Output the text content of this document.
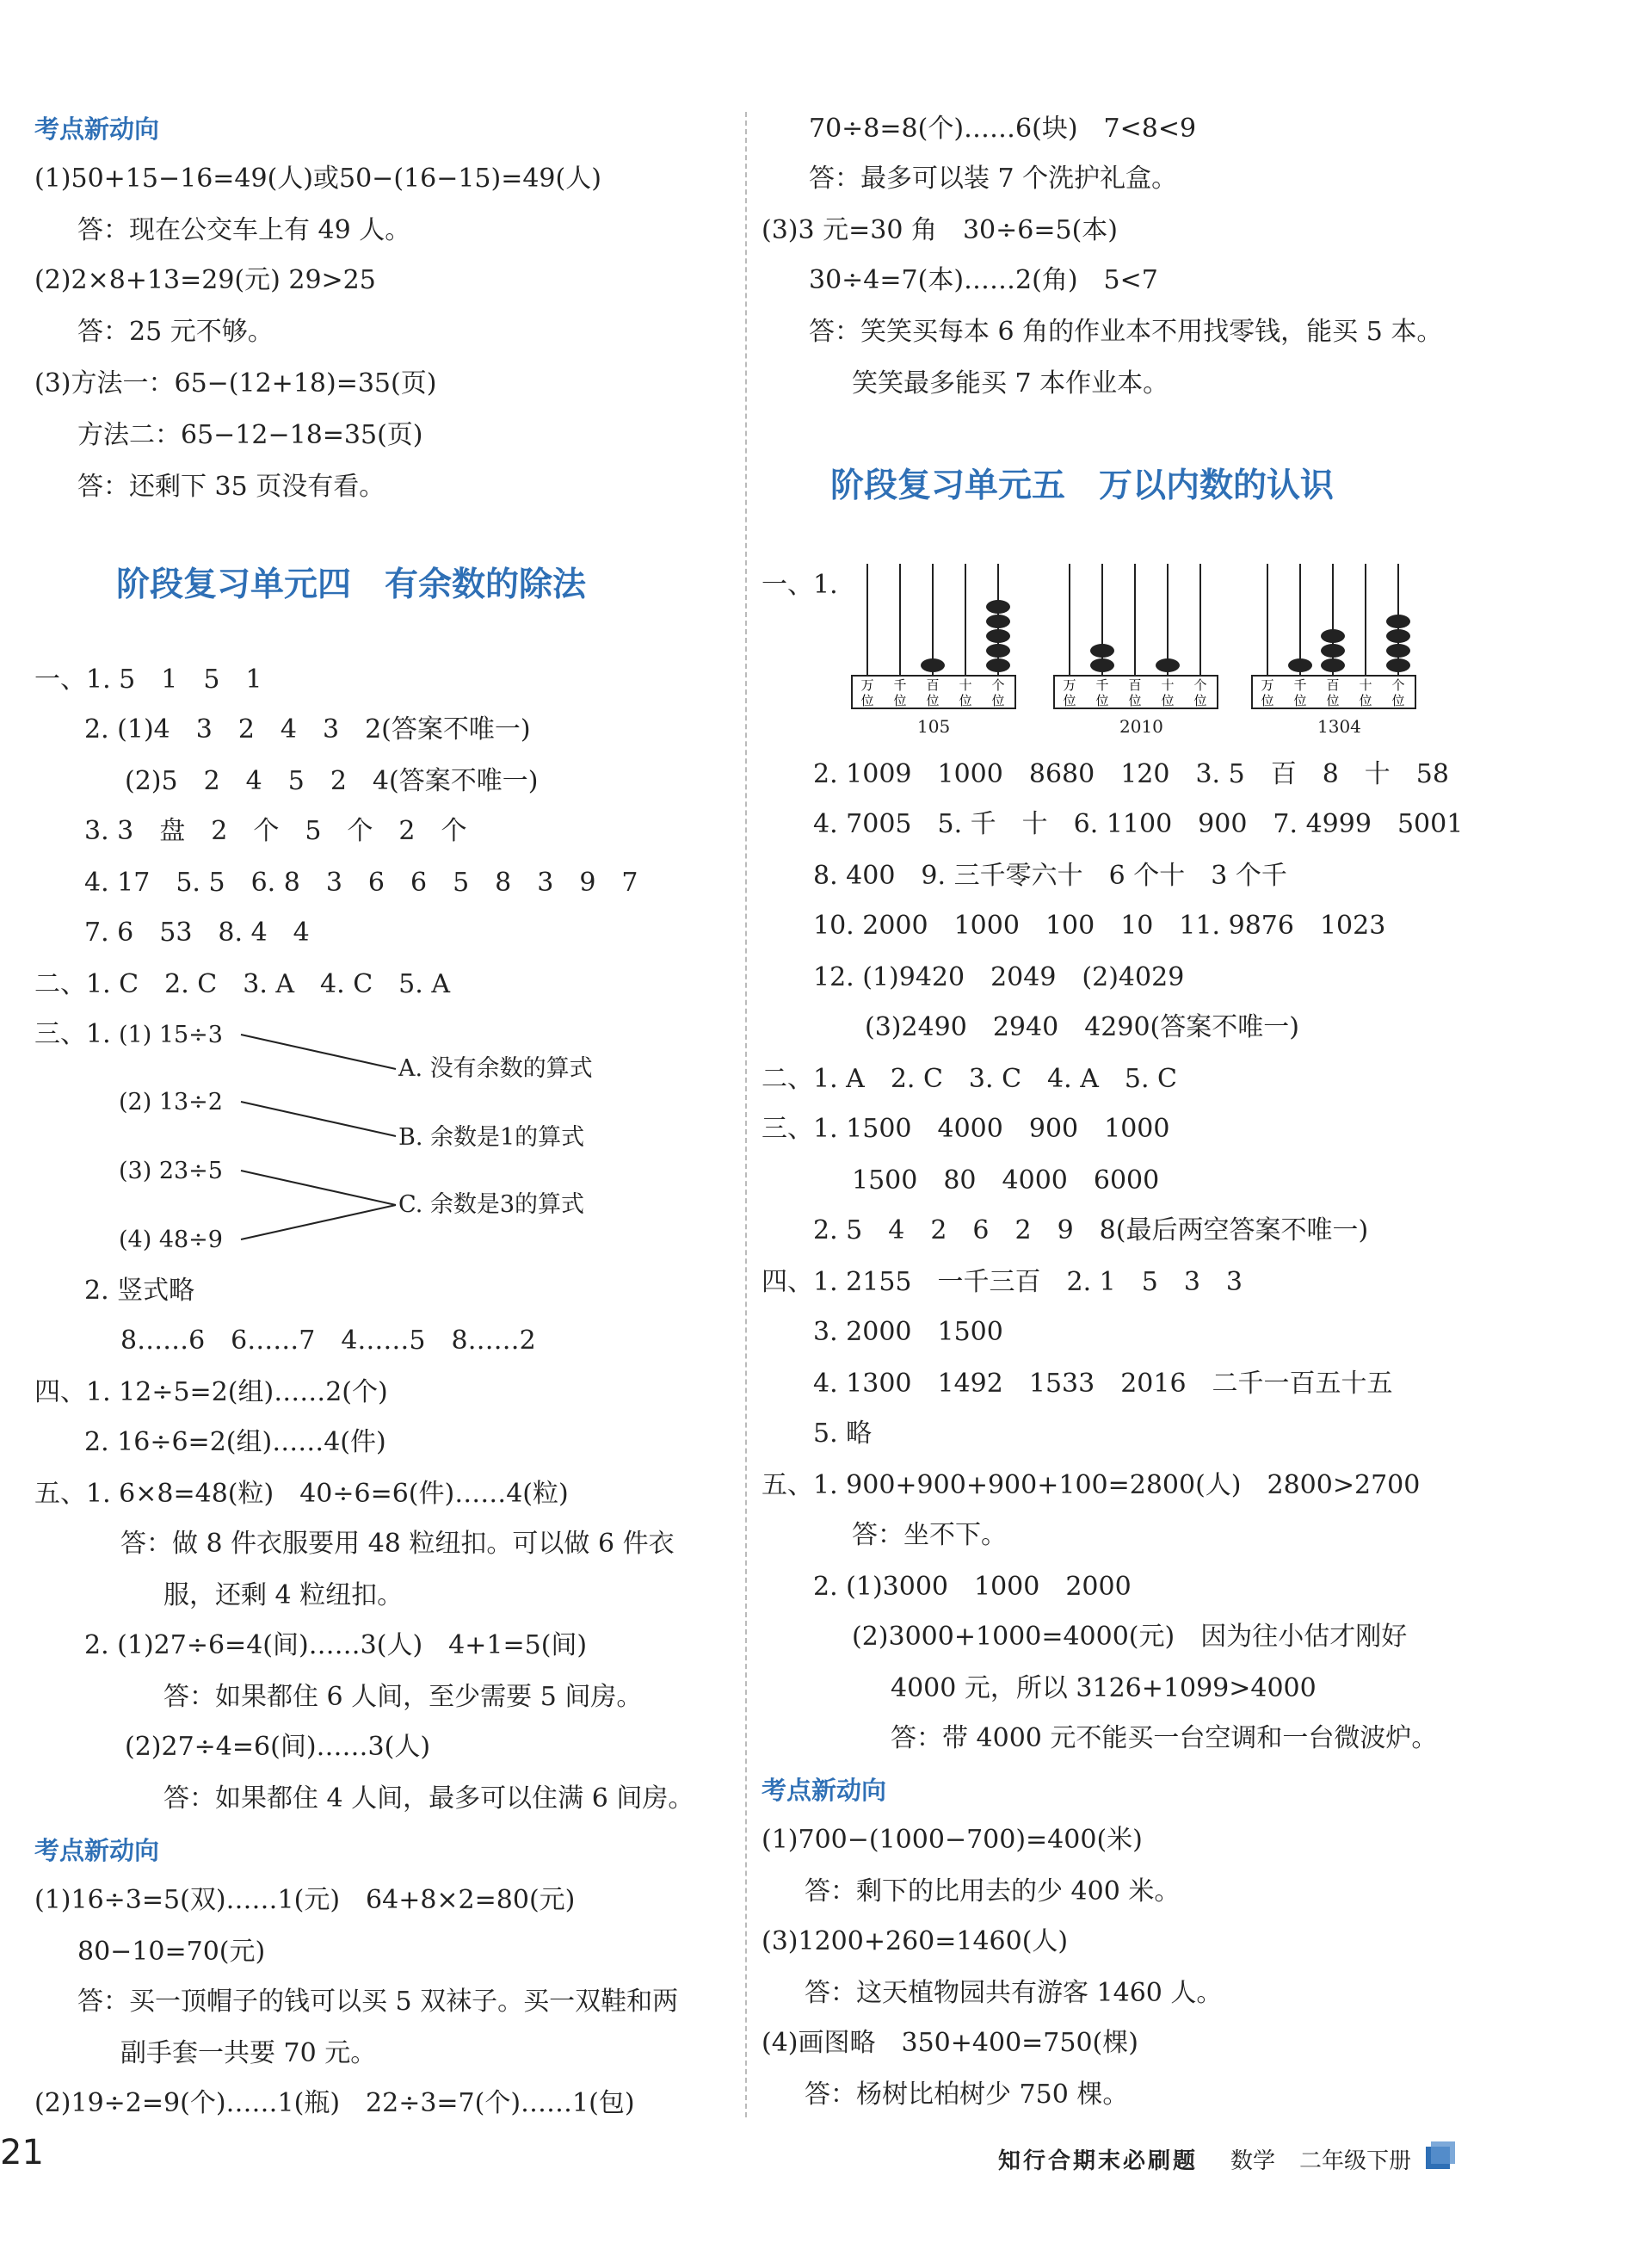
考点新动向
(1)50+15−16=49(人)或50−(16−15)=49(人)
答：现在公交车上有 49 人。
(2)2×8+13=29(元) 29>25
答：25 元不够。
(3)方法一：65−(12+18)=35(页)
方法二：65−12−18=35(页)
答：还剩下 35 页没有看。
阶段复习单元四　有余数的除法
一、1. 5　1　5　1
2. (1)4　3　2　4　3　2(答案不唯一)
(2)5　2　4　5　2　4(答案不唯一)
3. 3　盘　2　个　5　个　2　个
4. 17　5. 5　6. 8　3　6　6　5　8　3　9　7
7. 6　53　8. 4　4
二、1. C　2. C　3. A　4. C　5. A
三、1. (1) 15÷3
(2) 13÷2
(3) 23÷5
(4) 48÷9
A. 没有余数的算式
B. 余数是1的算式
C. 余数是3的算式
2. 竖式略
8……6　6……7　4……5　8……2
四、1. 12÷5=2(组)……2(个)
2. 16÷6=2(组)……4(件)
五、1. 6×8=48(粒)　40÷6=6(件)……4(粒)
答：做 8 件衣服要用 48 粒纽扣。可以做 6 件衣
服，还剩 4 粒纽扣。
2. (1)27÷6=4(间)……3(人)　4+1=5(间)
答：如果都住 6 人间，至少需要 5 间房。
(2)27÷4=6(间)……3(人)
答：如果都住 4 人间，最多可以住满 6 间房。
考点新动向
(1)16÷3=5(双)……1(元)　64+8×2=80(元)
80−10=70(元)
答：买一顶帽子的钱可以买 5 双袜子。买一双鞋和两
副手套一共要 70 元。
(2)19÷2=9(个)……1(瓶)　22÷3=7(个)……1(包)
70÷8=8(个)……6(块)　7<8<9
答：最多可以装 7 个洗护礼盒。
(3)3 元=30 角　30÷6=5(本)
30÷4=7(本)……2(角)　5<7
答：笑笑买每本 6 角的作业本不用找零钱，能买 5 本。
笑笑最多能买 7 本作业本。
阶段复习单元五　万以内数的认识
一、1.
万
位
千
位
百
位
十
位
个
位
105
万
位
千
位
百
位
十
位
个
位
2010
万
位
千
位
百
位
十
位
个
位
1304
2. 1009　1000　8680　120　3. 5　百　8　十　58
4. 7005　5. 千　十　6. 1100　900　7. 4999　5001
8. 400　9. 三千零六十　6 个十　3 个千
10. 2000　1000　100　10　11. 9876　1023
12. (1)9420　2049　(2)4029
(3)2490　2940　4290(答案不唯一)
二、1. A　2. C　3. C　4. A　5. C
三、1. 1500　4000　900　1000
1500　80　4000　6000
2. 5　4　2　6　2　9　8(最后两空答案不唯一)
四、1. 2155　一千三百　2. 1　5　3　3
3. 2000　1500
4. 1300　1492　1533　2016　二千一百五十五
5. 略
五、1. 900+900+900+100=2800(人)　2800>2700
答：坐不下。
2. (1)3000　1000　2000
(2)3000+1000=4000(元)　因为往小估才刚好
4000 元，所以 3126+1099>4000
答：带 4000 元不能买一台空调和一台微波炉。
考点新动向
(1)700−(1000−700)=400(米)
答：剩下的比用去的少 400 米。
(3)1200+260=1460(人)
答：这天植物园共有游客 1460 人。
(4)画图略　350+400=750(棵)
答：杨树比柏树少 750 棵。
21	知行合期末必刷题 数学 二年级下册
